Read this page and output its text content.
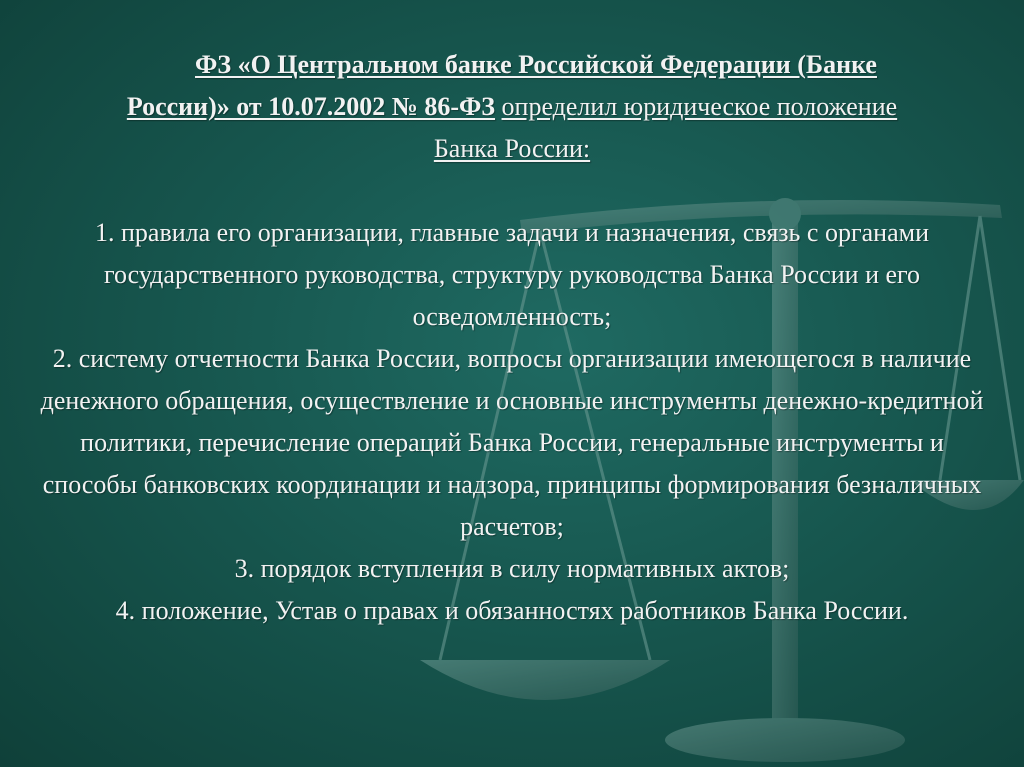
ФЗ «О Центральном банке Российской Федерации (Банке России)» от 10.07.2002 № 86-ФЗ определил юридическое положение Банка России:
1. правила его организации, главные задачи и назначения, связь с органами государственного руководства, структуру руководства Банка России и его осведомленность;
2. систему отчетности Банка России, вопросы организации имеющегося в наличие денежного обращения, осуществление и основные инструменты денежно-кредитной политики, перечисление операций Банка России, генеральные инструменты и способы банковских координации и надзора, принципы формирования безналичных расчетов;
3. порядок вступления в силу нормативных актов;
4. положение, Устав о правах и обязанностях работников Банка России.
